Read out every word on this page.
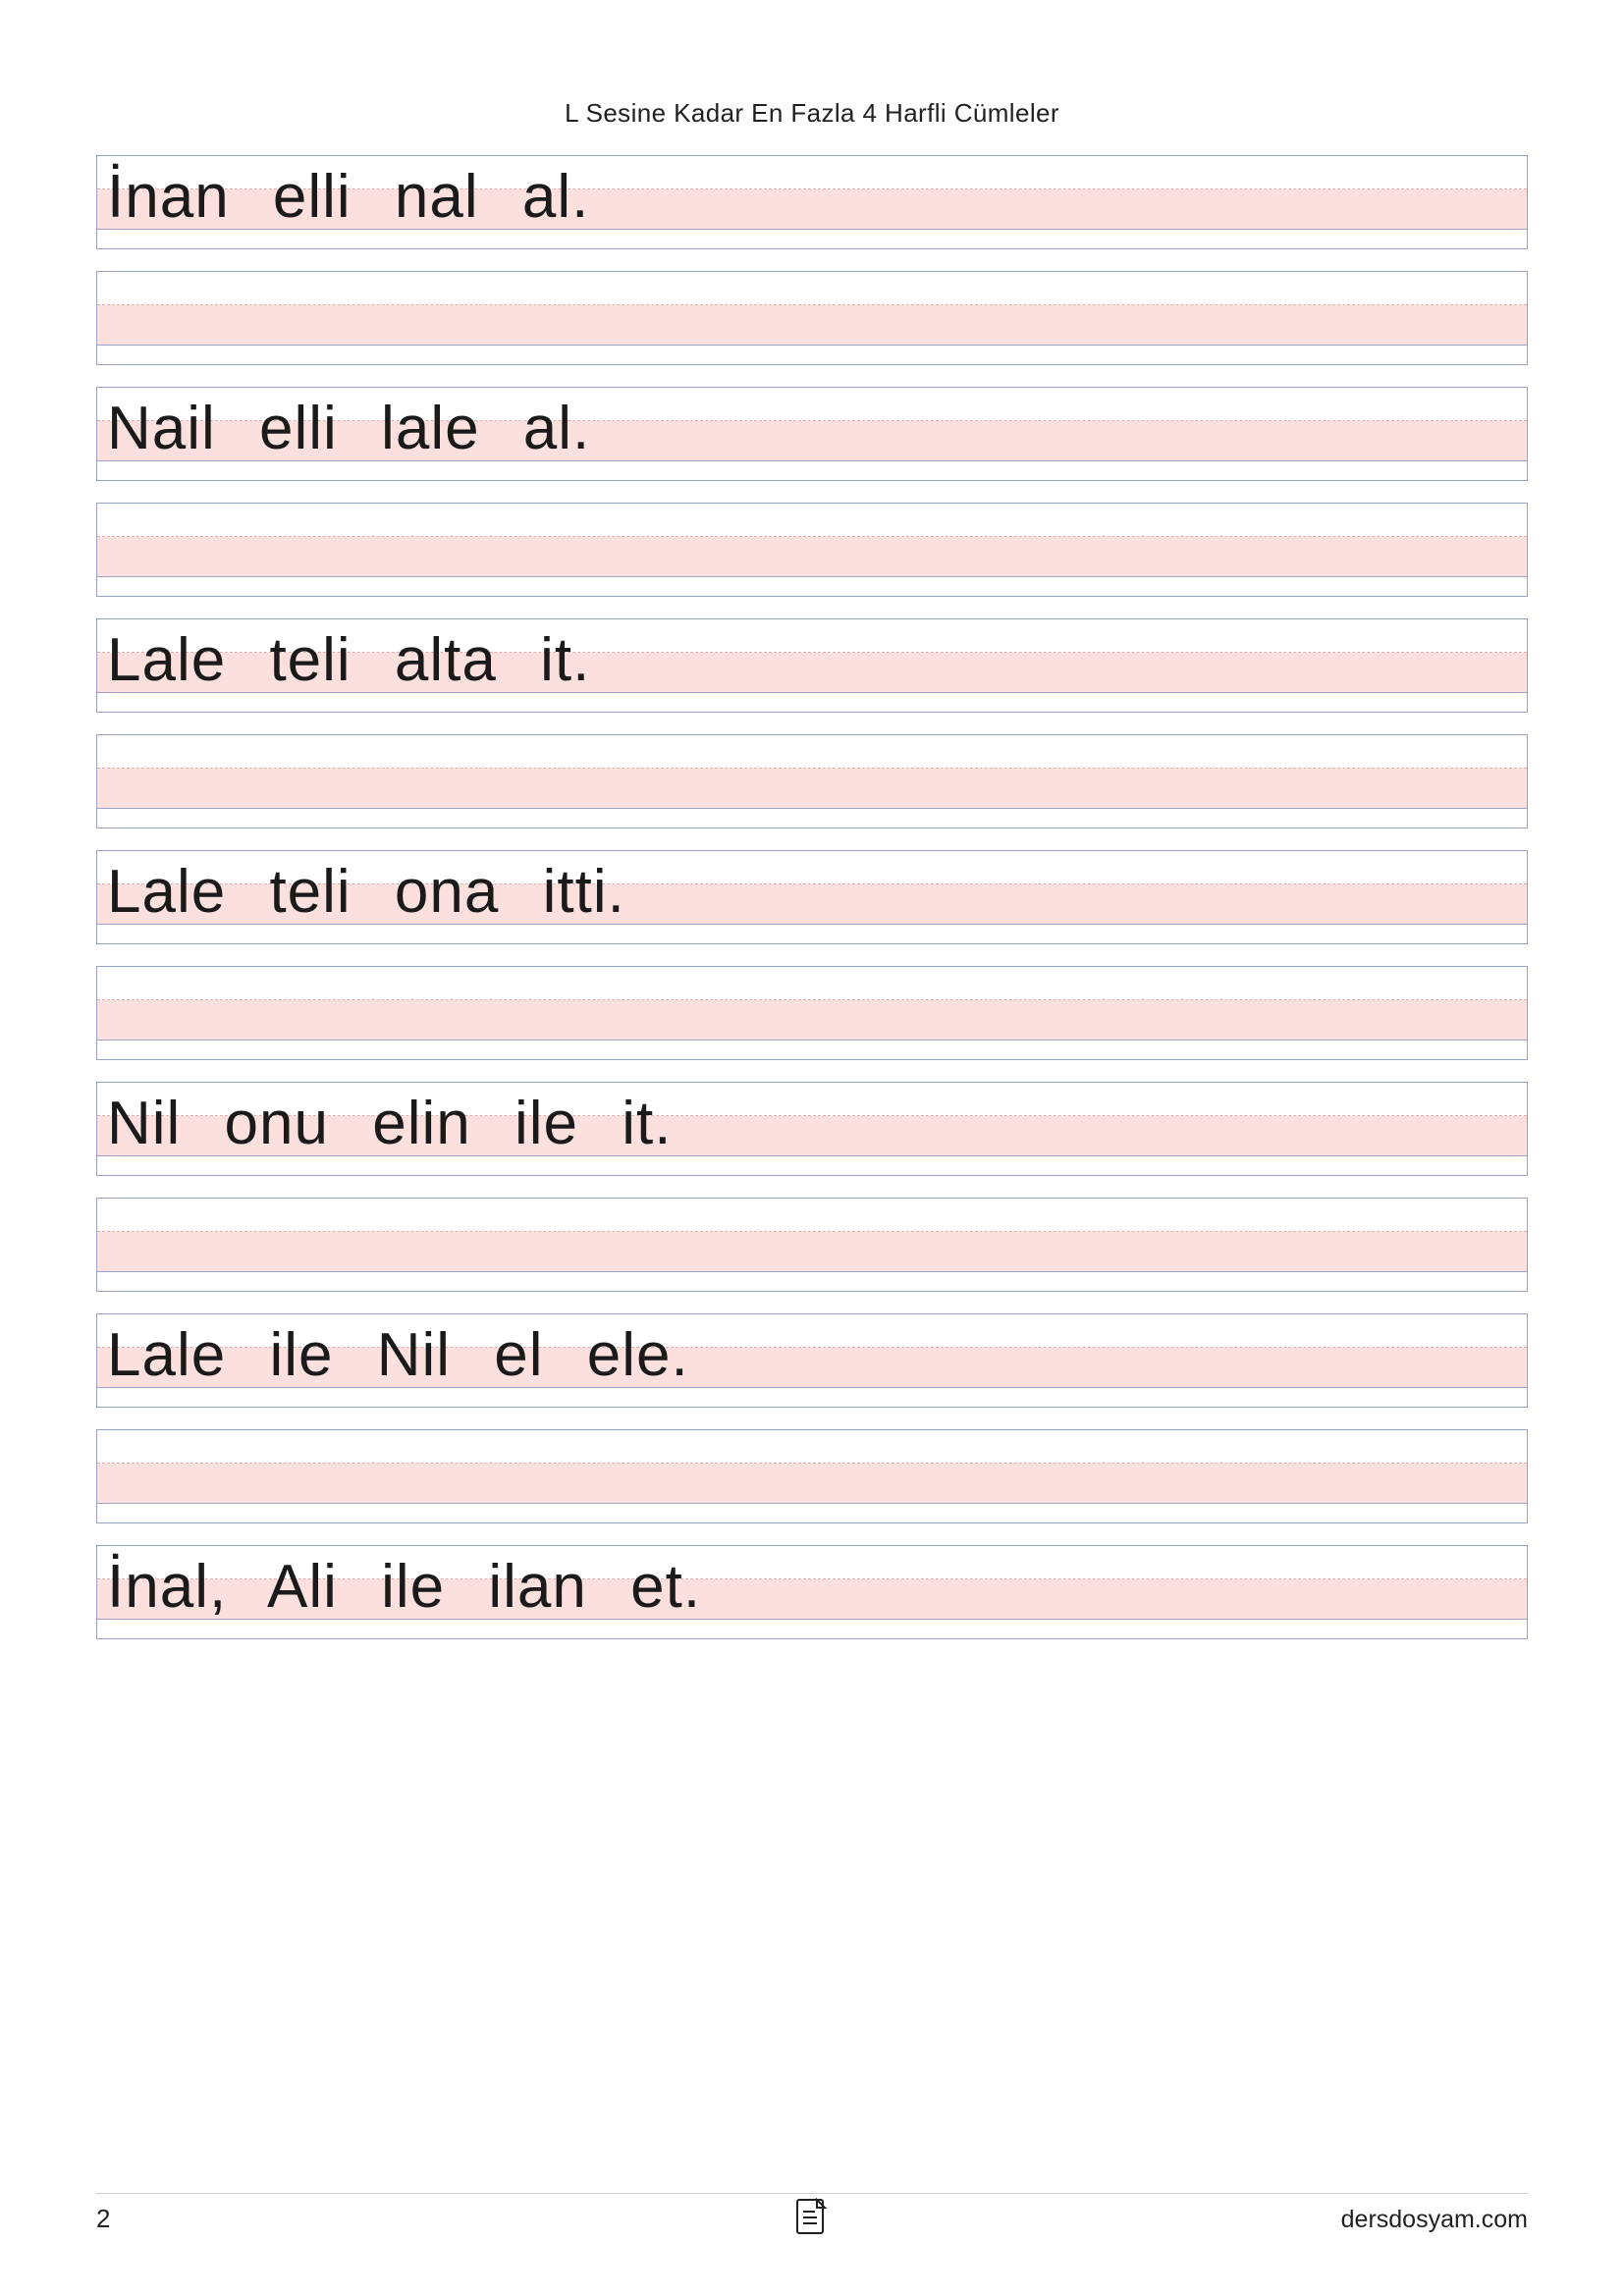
L Sesine Kadar En Fazla 4 Harfli Cümleler
İnan elli nal al.
Nail elli lale al.
Lale teli alta it.
Lale teli ona itti.
Nil onu elin ile it.
Lale ile Nil el ele.
İnal, Ali ile ilan et.
2	dersdosyam.com
